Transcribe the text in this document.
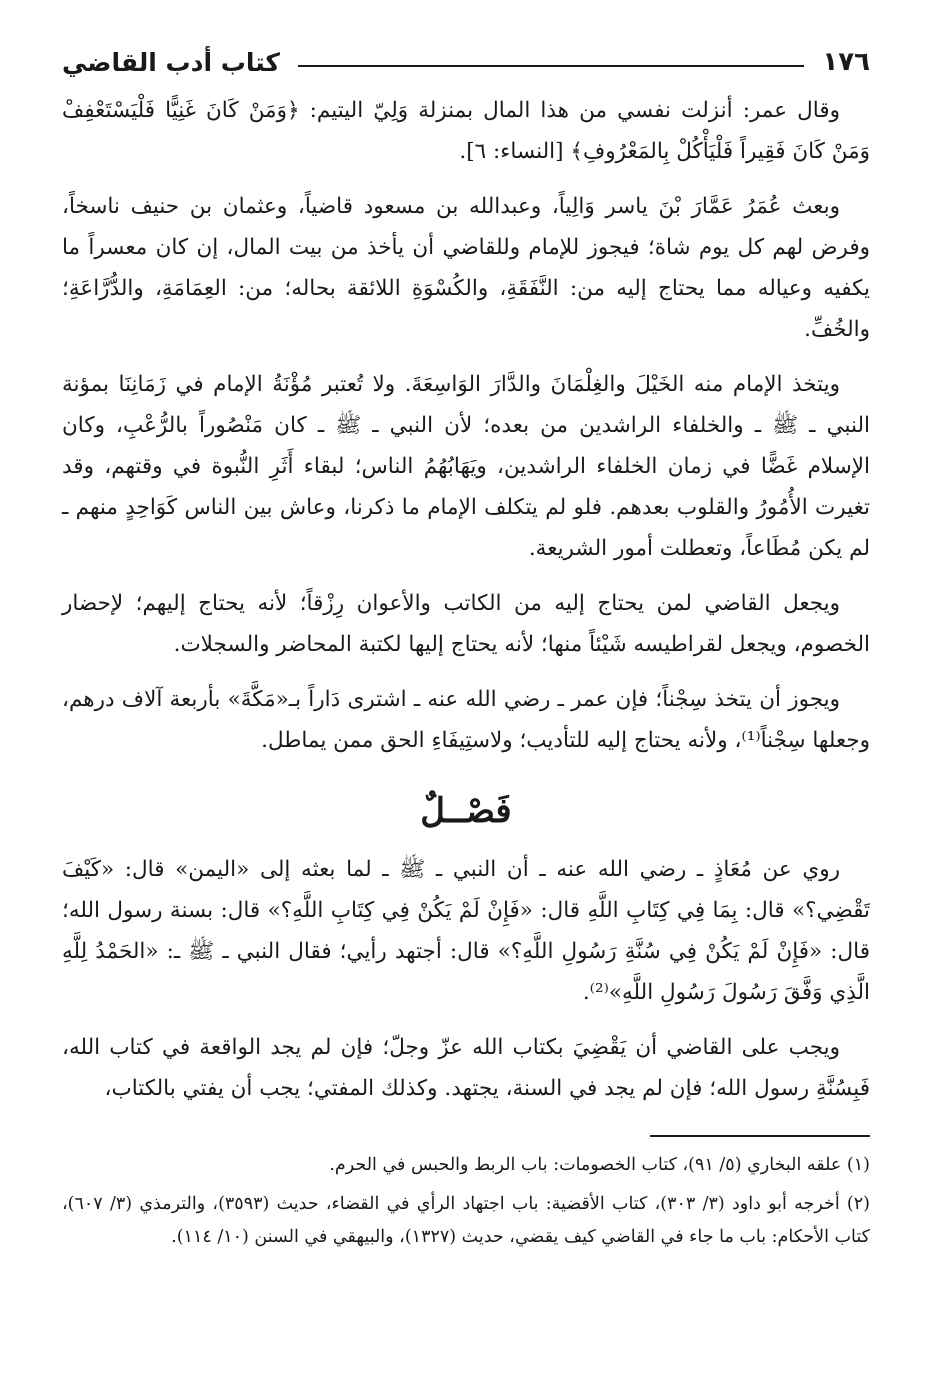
١٧٦
كتاب أدب القاضي

وقال عمر: أنزلت نفسي من هذا المال بمنزلة وَلِيّ اليتيم: ﴿وَمَنْ كَانَ غَنِيًّا فَلْيَسْتَعْفِفْ وَمَنْ كَانَ فَقِيراً فَلْيَأْكُلْ بِالمَعْرُوفِ﴾ [النساء: ٦].

وبعث عُمَرُ عَمَّارَ بْنَ ياسر وَالِياً، وعبدالله بن مسعود قاضياً، وعثمان بن حنيف ناسخاً، وفرض لهم كل يوم شاة؛ فيجوز للإمام وللقاضي أن يأخذ من بيت المال، إن كان معسراً ما يكفيه وعياله مما يحتاج إليه من: النَّفَقَةِ، والكُسْوَةِ اللائقة بحاله؛ من: العِمَامَةِ، والدُّرَّاعَةِ؛ والخُفِّ.

ويتخذ الإمام منه الخَيْلَ والغِلْمَانَ والدَّارَ الوَاسِعَةَ. ولا تُعتبر مُؤْنَةُ الإمام في زَمَانِنَا بمؤنة النبي ـ ﷺ ـ والخلفاء الراشدين من بعده؛ لأن النبي ـ ﷺ ـ كان مَنْصُوراً بالرُّعْبِ، وكان الإسلام غَضًّا في زمان الخلفاء الراشدين، ويَهَابُهُمُ الناس؛ لبقاء أَثَرِ النُّبوة في وقتهم، وقد تغيرت الأُمُورُ والقلوب بعدهم. فلو لم يتكلف الإمام ما ذكرنا، وعاش بين الناس كَوَاحِدٍ منهم ـ لم يكن مُطَاعاً، وتعطلت أمور الشريعة.

ويجعل القاضي لمن يحتاج إليه من الكاتب والأعوان رِزْقاً؛ لأنه يحتاج إليهم؛ لإحضار الخصوم، ويجعل لقراطيسه شَيْئاً منها؛ لأنه يحتاج إليها لكتبة المحاضر والسجلات.

ويجوز أن يتخذ سِجْناً؛ فإن عمر ـ رضي الله عنه ـ اشترى دَاراً بـ«مَكَّةَ» بأربعة آلاف درهم، وجعلها سِجْناً⁽¹⁾، ولأنه يحتاج إليه للتأديب؛ ولاستِيفَاءِ الحق ممن يماطل.

فَصْــلٌ

روي عن مُعَاذٍ ـ رضي الله عنه ـ أن النبي ـ ﷺ ـ لما بعثه إلى «اليمن» قال: «كَيْفَ تَقْضِي؟» قال: بِمَا فِي كِتَابِ اللَّهِ قال: «فَإِنْ لَمْ يَكُنْ فِي كِتَابِ اللَّهِ؟» قال: بسنة رسول الله؛ قال: «فَإِنْ لَمْ يَكُنْ فِي سُنَّةِ رَسُولِ اللَّهِ؟» قال: أجتهد رأيي؛ فقال النبي ـ ﷺ ـ: «الحَمْدُ لِلَّهِ الَّذِي وَفَّقَ رَسُولَ رَسُولِ اللَّهِ»⁽²⁾.

ويجب على القاضي أن يَقْضِيَ بكتاب الله عزّ وجلّ؛ فإن لم يجد الواقعة في كتاب الله، فَبِسُنَّةِ رسول الله؛ فإن لم يجد في السنة، يجتهد. وكذلك المفتي؛ يجب أن يفتي بالكتاب،

(١) علقه البخاري (٥/ ٩١)، كتاب الخصومات: باب الربط والحبس في الحرم.

(٢) أخرجه أبو داود (٣/ ٣٠٣)، كتاب الأقضية: باب اجتهاد الرأي في القضاء، حديث (٣٥٩٣)، والترمذي (٣/ ٦٠٧)، كتاب الأحكام: باب ما جاء في القاضي كيف يقضي، حديث (١٣٢٧)، والبيهقي في السنن (١٠/ ١١٤).
